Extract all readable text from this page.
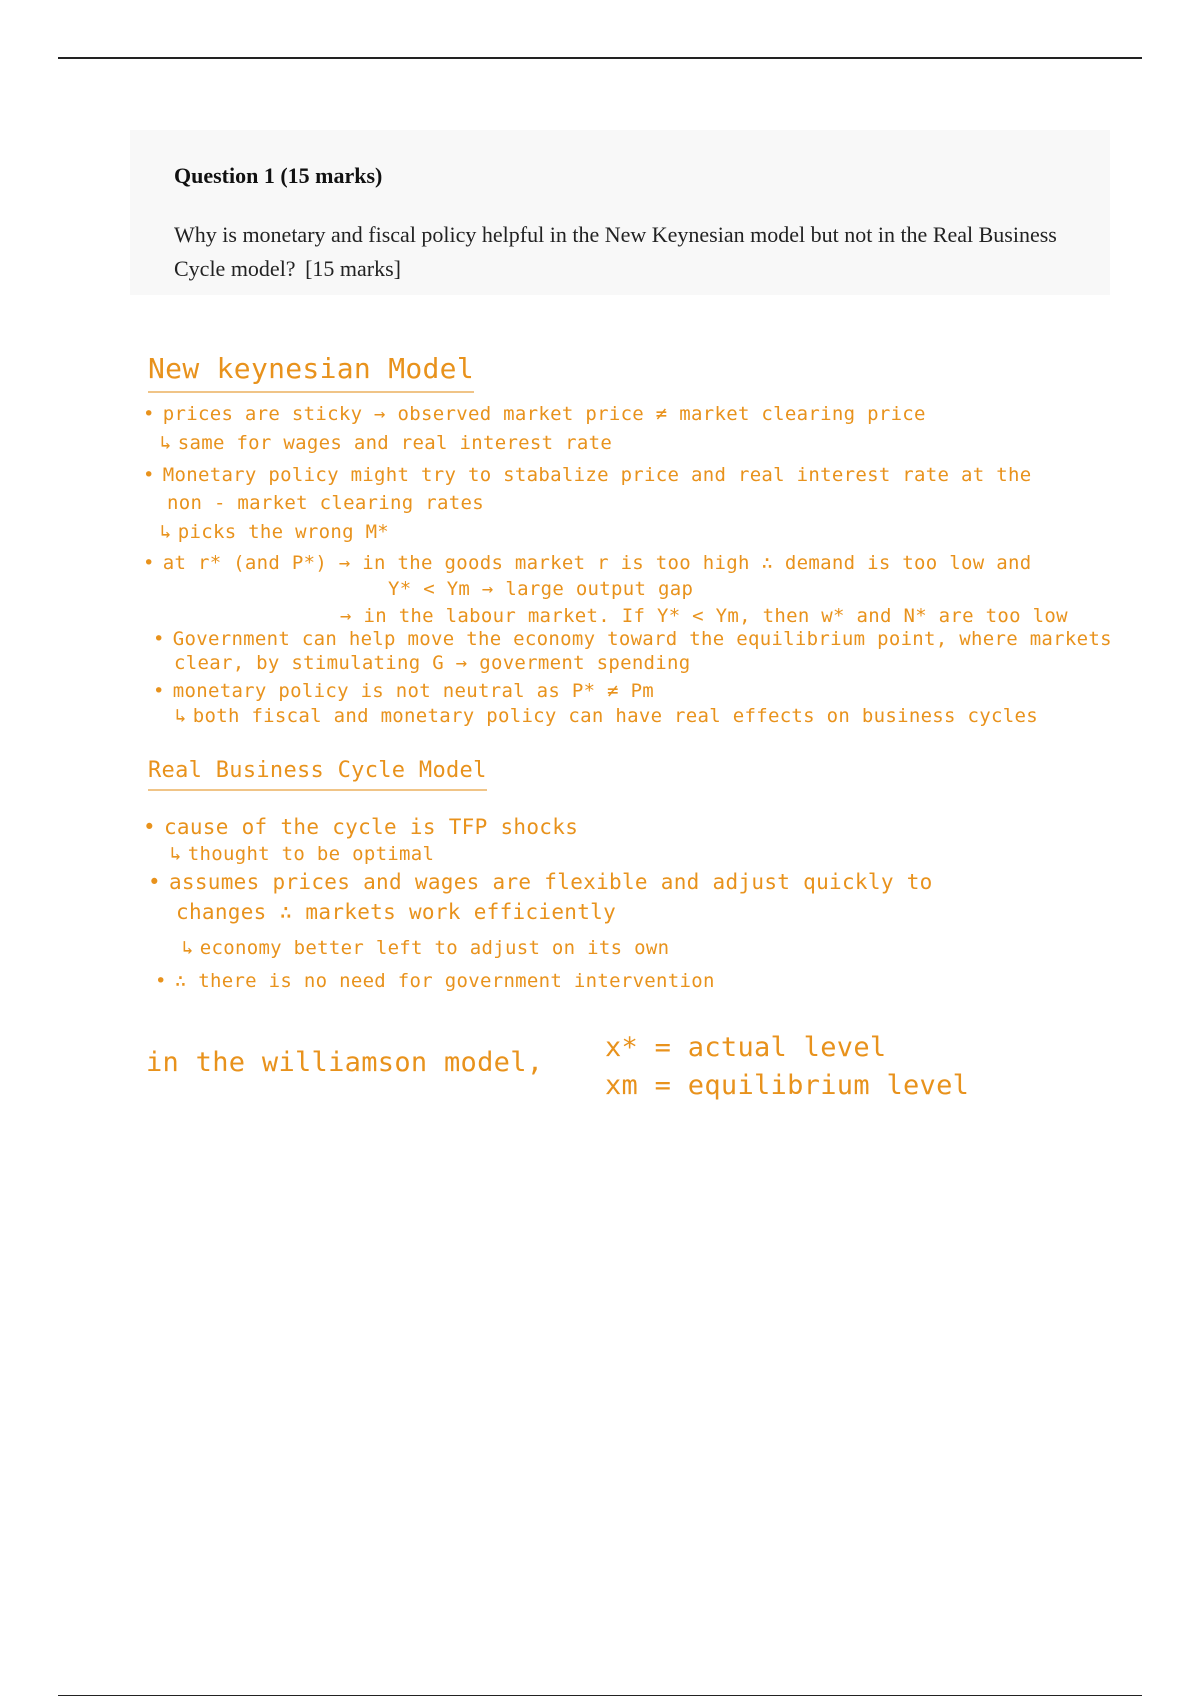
Question 1 (15 marks)
Why is monetary and fiscal policy helpful in the New Keynesian model but not in the Real Business Cycle model? [15 marks]
New keynesian Model
• prices are sticky → observed market price ≠ market clearing price
↳ same for wages and real interest rate
• Monetary policy might try to stabalize price and real interest rate at the
non - market clearing rates
↳ picks the wrong M*
• at r* (and P*) → in the goods market r is too high ∴ demand is too low and
Y* < Ym → large output gap
→ in the labour market. If Y* < Ym, then w* and N* are too low
• Government can help move the economy toward the equilibrium point, where markets
clear, by stimulating G → goverment spending
• monetary policy is not neutral as P* ≠ Pm
↳ both fiscal and monetary policy can have real effects on business cycles
Real Business Cycle Model
• cause of the cycle is TFP shocks
↳ thought to be optimal
• assumes prices and wages are flexible and adjust quickly to
changes ∴ markets work efficiently
↳ economy better left to adjust on its own
• ∴ there is no need for government intervention
in the williamson model, x* = actual level
xm = equilibrium level
